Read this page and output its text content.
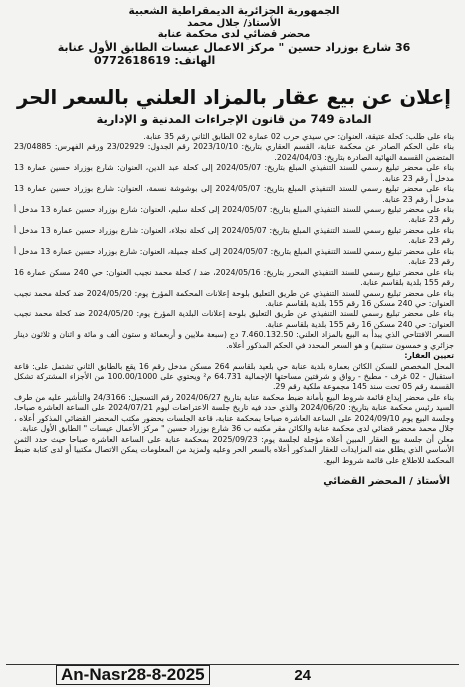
الجمهورية الجزائرية الديمقراطية الشعبية

الأستاذ/ جلال محمد

محضر قضائي لدى محكمة عنابة

36 شارع بوزراد حسين " مركز الاعمال عيسات الطابق الأول عنابة
الهاتف: 0772618619
إعلان عن بيع عقار بالمزاد العلني بالسعر الحر
المادة 749 من قانون الإجراءات المدنية و الإدارية

بناء على طلب: كحلة عتيقة، العنوان: حي سيدي حرب 02 عمارة 02 الطابق الثاني رقم 35 عنابة.

بناء على الحكم الصادر عن محكمة عنابة، القسم العقاري بتاريخ: 2023/10/10 رقم الجدول: 23/02929 ورقم الفهرس: 23/04885 المتضمن القسمة النهائية الصادرة بتاريخ: 2024/04/03.

بناء على محضر تبليغ رسمي للسند التنفيذي المبلغ بتاريخ: 2024/05/07 إلى كحلة عبد الدين، العنوان: شارع بوزراد حسين عمارة 13 مدخل أ رقم 23 عنابة.

بناء على محضر تبليغ رسمي للسند التنفيذي المبلغ بتاريخ: 2024/05/07 إلى بوشوشة نسمة، العنوان: شارع بوزراد حسين عمارة 13 مدخل أ رقم 23 عنابة.

بناء على محضر تبليغ رسمي للسند التنفيذي المبلغ بتاريخ: 2024/05/07 إلى كحلة سليم، العنوان: شارع بوزراد حسين عمارة 13 مدخل أ رقم 23 عنابة.

بناء على محضر تبليغ رسمي للسند التنفيذي المبلغ بتاريخ: 2024/05/07 إلى كحلة نجلاء، العنوان: شارع بوزراد حسين عمارة 13 مدخل أ رقم 23 عنابة.

بناء على محضر تبليغ رسمي للسند التنفيذي المبلغ بتاريخ: 2024/05/07 إلى كحلة جميلة، العنوان: شارع بوزراد حسين عمارة 13 مدخل أ رقم 23 عنابة.

بناء على محضر تبليغ رسمي للسند التنفيذي المحرر بتاريخ: 2024/05/16، ضد / كحلة محمد نجيب العنوان: حي 240 مسكن عمارة 16 رقم 155 بلدية بلقاسم عنابة.

بناء على محضر تبليغ رسمي للسند التنفيذي عن طريق التعليق بلوحة إعلانات المحكمة المؤرخ يوم: 2024/05/20 ضد كحلة محمد نجيب العنوان: حي 240 مسكن 16 رقم 155 بلدية بلقاسم عنابة.

بناء على محضر تبليغ رسمي للسند التنفيذي عن طريق التعليق بلوحة إعلانات البلدية المؤرخ يوم: 2024/05/20 ضد كحلة محمد نجيب العنوان: حي 240 مسكن 16 رقم 155 بلدية بلقاسم عنابة.

السعر الافتتاحي الذي يبدأ به البيع بالمزاد العلني: 7.460.132.50 دج (سبعة ملايين و أربعمائة و ستون ألف و مائة و اثنان و ثلاثون دينار جزائري و خمسون سنتيم) و هو السعر المحدد في الحكم المذكور أعلاه.

تعيين العقار:

المحل المخصص للسكن الكائن بعمارة بلدية عنابة حي بلعيد بلقاسم 264 مسكن مدخل رقم 16 يقع بالطابق الثاني تشتمل على: قاعة استقبال - 02 غرف - مطبخ - رواق و شرفتين مساحتها الإجمالية 64.731 م² ويحتوي على 100.00/1000 من الأجزاء المشتركة تشكل القسمة رقم 05 تحت سند 145 مجموعة ملكية رقم 29.

بناء على محضر إيداع قائمة شروط البيع بأمانة ضبط محكمة عنابة بتاريخ 2024/06/27 رقم التسجيل: 24/3166 والتأشير عليه من طرف السيد رئيس محكمة عنابة بتاريخ: 2024/06/20 والذي حدد فيه تاريخ جلسة الاعتراضات ليوم 2024/07/21 على الساعة العاشرة صباحا، وجلسة البيع يوم 2024/09/10 على الساعة العاشرة صباحا بمحكمة عنابة، قاعة الجلسات بحضور مكتب المحضر القضائي المذكور أعلاه ، جلال محمد محضر قضائي لدى محكمة عنابة والكائن مقر مكتبه ب 36 شارع بوزراد حسين " مركز الأعمال عيسات " الطابق الأول عنابة.

معلن أن جلسة بيع العقار المبين أعلاه مؤجلة لجلسة يوم: 2025/09/23 بمحكمة عنابة على الساعة العاشرة صباحا حيث حدد الثمن الأساسي الذي يطلق منه المزايدات للعقار المذكور أعلاه بالسعر الحر وعليه ولمزيد من المعلومات يمكن الاتصال مكتبيا أو لدى كتابة ضبط المحكمة للاطلاع على قائمة شروط البيع.

الأستاذ / المحضر القضائي
An-Nasr28-8-2025	24
